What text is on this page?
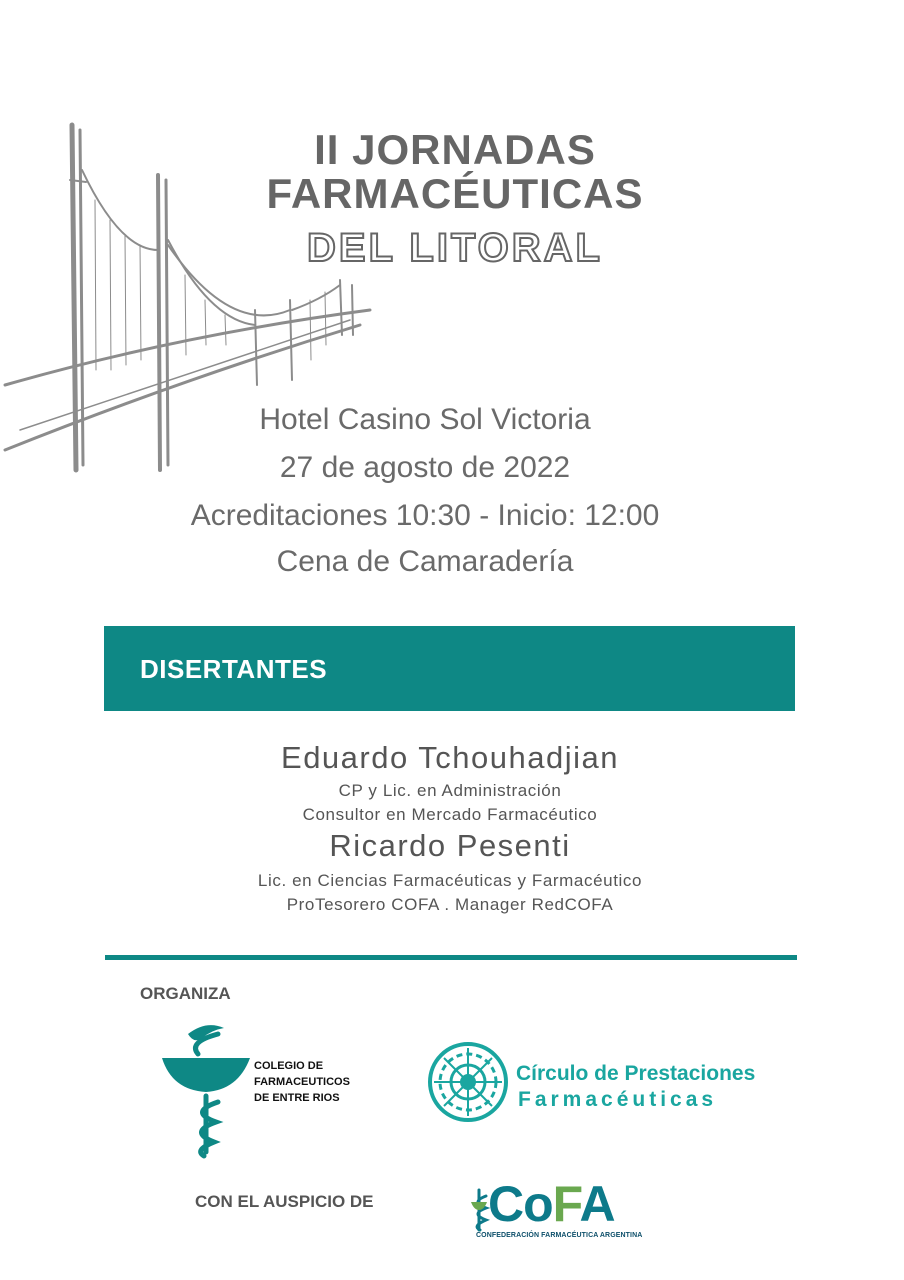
II JORNADAS
FARMACÉUTICAS
DEL LITORAL
Hotel Casino Sol Victoria
27 de agosto de 2022
Acreditaciones 10:30 - Inicio: 12:00
Cena de Camaradería
DISERTANTES
Eduardo Tchouhadjian
CP y Lic. en Administración
Consultor en Mercado Farmacéutico
Ricardo Pesenti
Lic. en Ciencias Farmacéuticas y Farmacéutico
ProTesorero COFA . Manager RedCOFA
ORGANIZA
COLEGIO DE
FARMACEUTICOS
DE ENTRE RIOS
Círculo de Prestaciones
Farmacéuticas
CON EL AUSPICIO DE CoFA
CONFEDERACIÓN FARMACÉUTICA ARGENTINA
